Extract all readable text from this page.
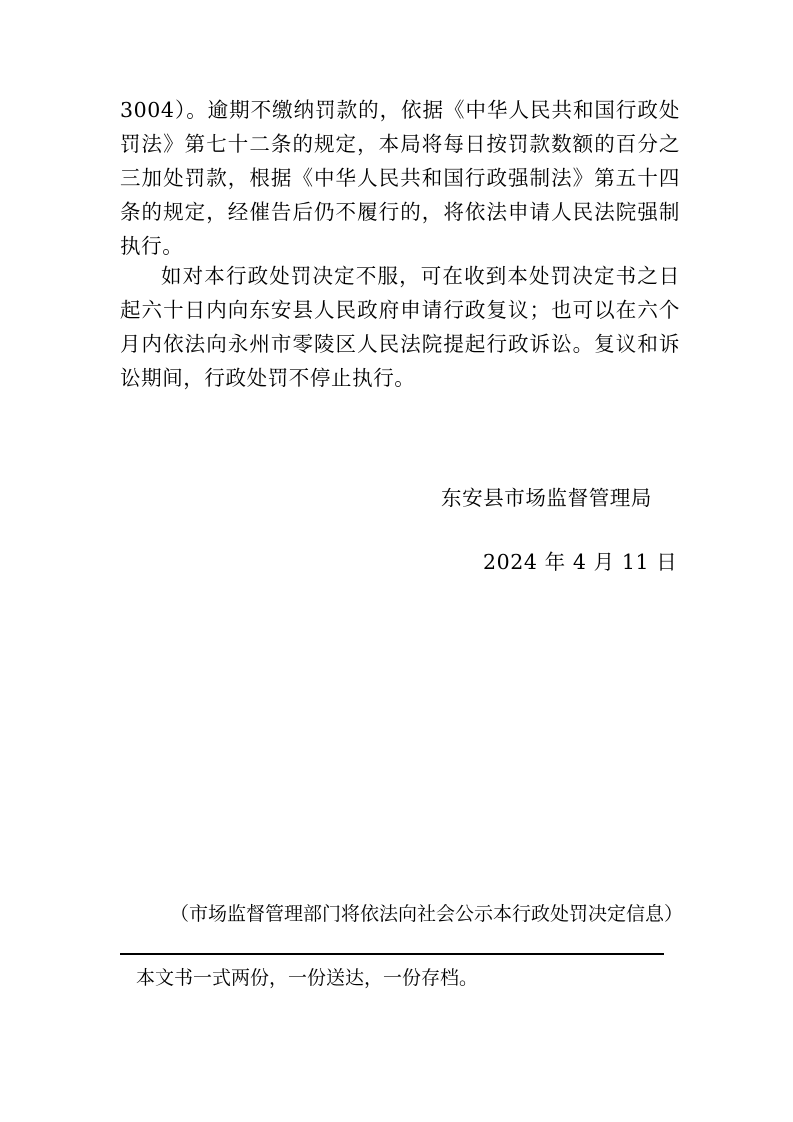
3004）。逾期不缴纳罚款的，依据《中华人民共和国行政处
罚法》第七十二条的规定，本局将每日按罚款数额的百分之
三加处罚款，根据《中华人民共和国行政强制法》第五十四
条的规定，经催告后仍不履行的，将依法申请人民法院强制
执行。
如对本行政处罚决定不服，可在收到本处罚决定书之日
起六十日内向东安县人民政府申请行政复议；也可以在六个
月内依法向永州市零陵区人民法院提起行政诉讼。复议和诉
讼期间，行政处罚不停止执行。
东安县市场监督管理局
2024 年 4 月 11 日
（市场监督管理部门将依法向社会公示本行政处罚决定信息）
本文书一式两份，一份送达，一份存档。
